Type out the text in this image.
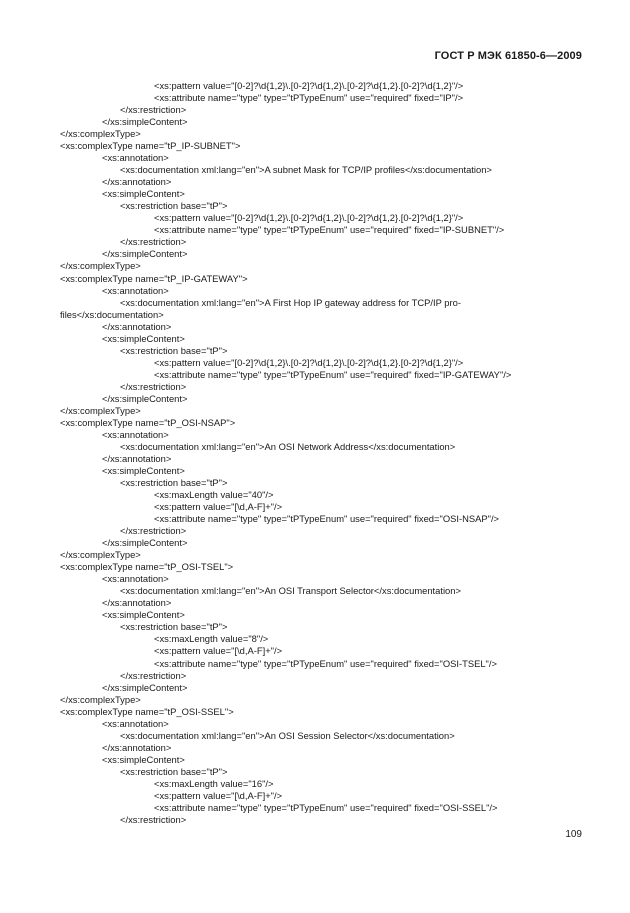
ГОСТ Р МЭК 61850-6—2009
<xs:pattern value="[0-2]?\d{1,2}\.[0-2]?\d{1,2}\.[0-2]?\d{1,2}.[0-2]?\d{1,2}"/>
<xs:attribute name="type" type="tPTypeEnum" use="required" fixed="IP"/>
</xs:restriction>
</xs:simpleContent>
</xs:complexType>
<xs:complexType name="tP_IP-SUBNET">
<xs:annotation>
<xs:documentation xml:lang="en">A subnet Mask for TCP/IP profiles</xs:documentation>
</xs:annotation>
<xs:simpleContent>
<xs:restriction base="tP">
<xs:pattern value="[0-2]?\d{1,2}\.[0-2]?\d{1,2}\.[0-2]?\d{1,2}.[0-2]?\d{1,2}"/>
<xs:attribute name="type" type="tPTypeEnum" use="required" fixed="IP-SUBNET"/>
</xs:restriction>
</xs:simpleContent>
</xs:complexType>
<xs:complexType name="tP_IP-GATEWAY">
<xs:annotation>
<xs:documentation xml:lang="en">A First Hop IP gateway address for TCP/IP pro-
files</xs:documentation>
</xs:annotation>
<xs:simpleContent>
<xs:restriction base="tP">
<xs:pattern value="[0-2]?\d{1,2}\.[0-2]?\d{1,2}\.[0-2]?\d{1,2}.[0-2]?\d{1,2}"/>
<xs:attribute name="type" type="tPTypeEnum" use="required" fixed="IP-GATEWAY"/>
</xs:restriction>
</xs:simpleContent>
</xs:complexType>
<xs:complexType name="tP_OSI-NSAP">
<xs:annotation>
<xs:documentation xml:lang="en">An OSI Network Address</xs:documentation>
</xs:annotation>
<xs:simpleContent>
<xs:restriction base="tP">
<xs:maxLength value="40"/>
<xs:pattern value="[\d,A-F]+"/>
<xs:attribute name="type" type="tPTypeEnum" use="required" fixed="OSI-NSAP"/>
</xs:restriction>
</xs:simpleContent>
</xs:complexType>
<xs:complexType name="tP_OSI-TSEL">
<xs:annotation>
<xs:documentation xml:lang="en">An OSI Transport Selector</xs:documentation>
</xs:annotation>
<xs:simpleContent>
<xs:restriction base="tP">
<xs:maxLength value="8"/>
<xs:pattern value="[\d,A-F]+"/>
<xs:attribute name="type" type="tPTypeEnum" use="required" fixed="OSI-TSEL"/>
</xs:restriction>
</xs:simpleContent>
</xs:complexType>
<xs:complexType name="tP_OSI-SSEL">
<xs:annotation>
<xs:documentation xml:lang="en">An OSI Session Selector</xs:documentation>
</xs:annotation>
<xs:simpleContent>
<xs:restriction base="tP">
<xs:maxLength value="16"/>
<xs:pattern value="[\d,A-F]+"/>
<xs:attribute name="type" type="tPTypeEnum" use="required" fixed="OSI-SSEL"/>
</xs:restriction>
109
